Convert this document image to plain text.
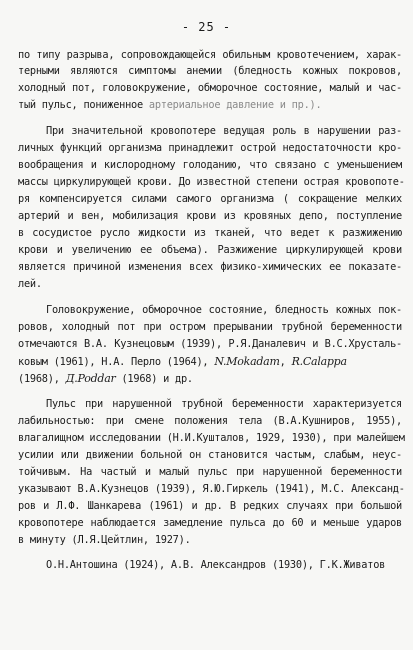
- 25 -
по типу разрыва, сопровождающейся обильным кровотечением, харак-
терными являются симптомы анемии (бледность кожных покровов,
холодный пот, головокружение, обморочное состояние, малый и час-
тый пульс, пониженное артериальное давление и пр.).
При значительной кровопотере ведущая роль в нарушении раз-
личных функций организма принадлежит острой недостаточности кро-
вообращения и кислородному голоданию, что связано с уменьшением
массы циркулирующей крови. До известной степени острая кровопоте-
ря компенсируется силами самого организма ( сокращение мелких
артерий и вен, мобилизация крови из кровяных депо, поступление
в сосудистое русло жидкости из тканей, что ведет к разжижению
крови и увеличению ее объема). Разжижение циркулирующей крови
является причиной изменения всех физико-химических ее показате-
лей.
Головокружение, обморочное состояние, бледность кожных пок-
ровов, холодный пот при остром прерывании трубной беременности
отмечаются В.А. Кузнецовым (1939), Р.Я.Даналевич и В.С.Хрусталь-
ковым (1961), Н.А. Перло (1964), N.Mokadam, R.Calappa
(1968), Д.Poddar (1968) и др.
Пульс при нарушенной трубной беременности характеризуется
лабильностью: при смене положения тела (В.А.Кушниров, 1955),
влагалищном исследовании (Н.И.Кушталов, 1929, 1930), при малейшем
усилии или движении больной он становится частым, слабым, неус-
тойчивым. На частый и малый пульс при нарушенной беременности
указывают В.А.Кузнецов (1939), Я.Ю.Гиркель (1941), М.С. Александ-
ров и Л.Ф. Шанкарева (1961) и др. В редких случаях при большой
кровопотере наблюдается замедление пульса до 60 и меньше ударов
в минуту (Л.Я.Цейтлин, 1927).
О.Н.Антошина (1924), А.В. Александров (1930), Г.К.Живатов
